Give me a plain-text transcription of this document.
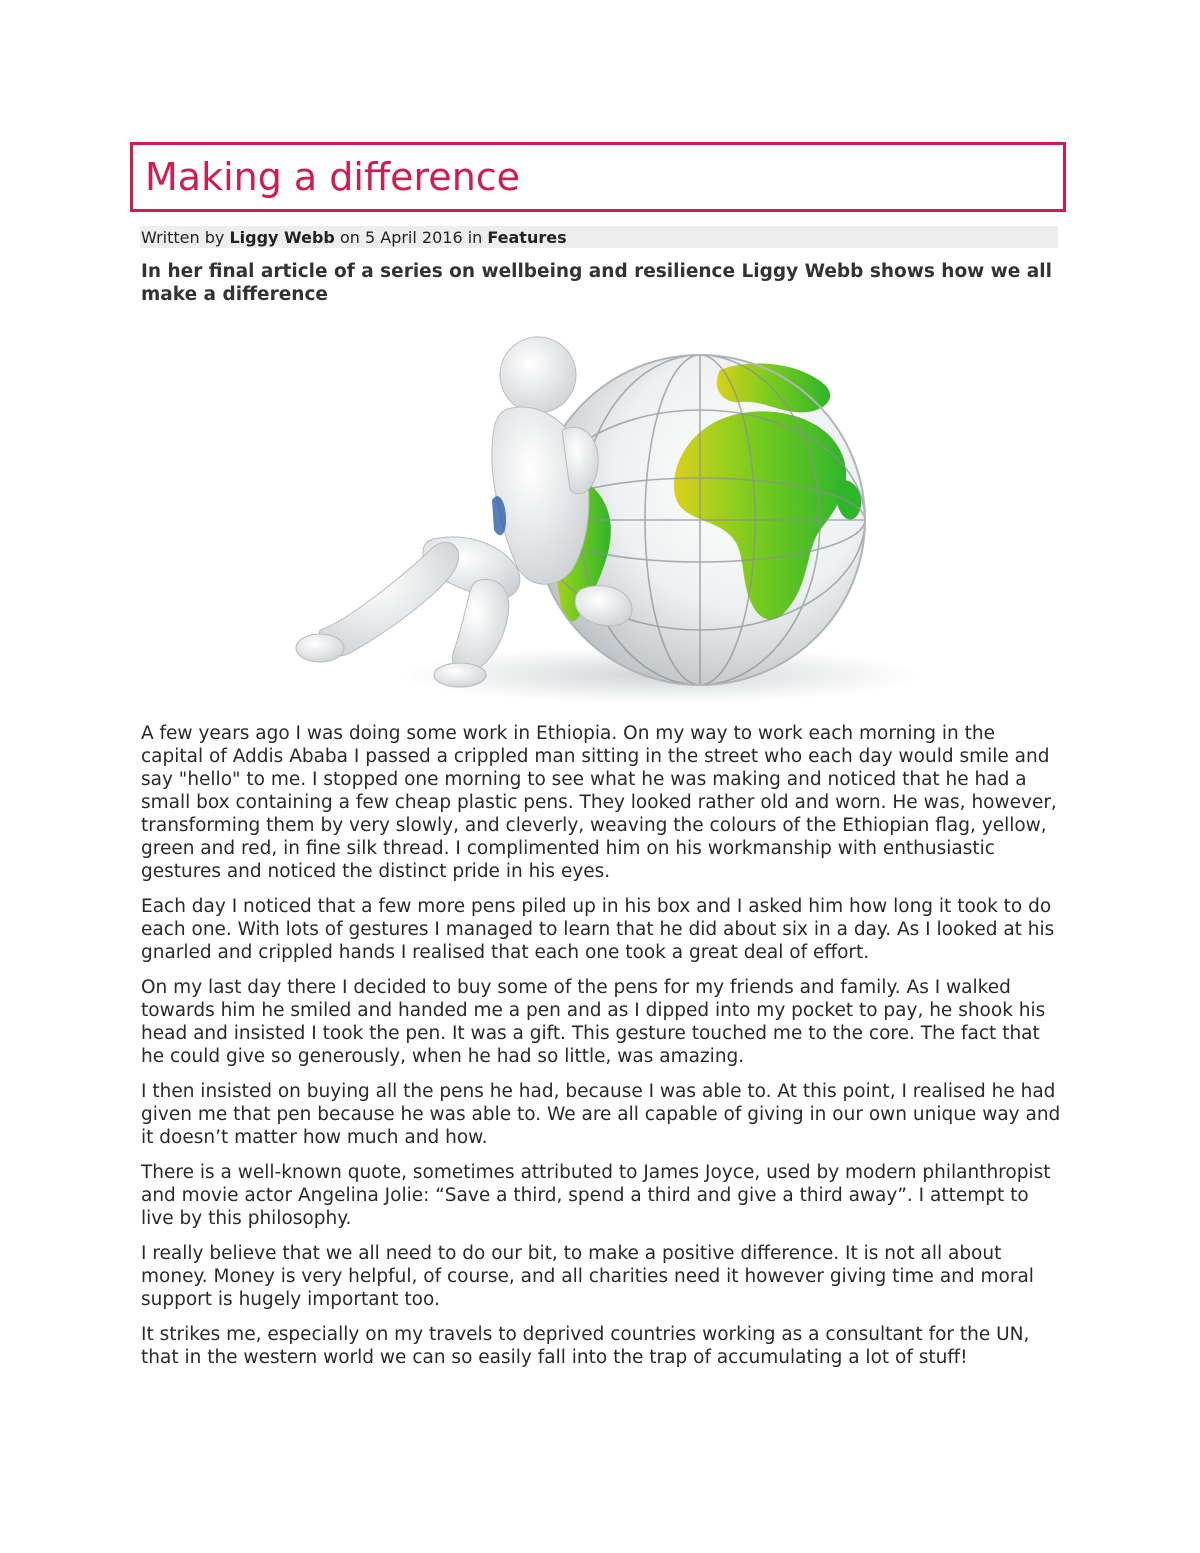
Making a difference
Written by Liggy Webb on 5 April 2016 in Features

In her final article of a series on wellbeing and resilience Liggy Webb shows how we all make a difference

A few years ago I was doing some work in Ethiopia. On my way to work each morning in the capital of Addis Ababa I passed a crippled man sitting in the street who each day would smile and say "hello" to me. I stopped one morning to see what he was making and noticed that he had a small box containing a few cheap plastic pens. They looked rather old and worn. He was, however, transforming them by very slowly, and cleverly, weaving the colours of the Ethiopian flag, yellow, green and red, in fine silk thread. I complimented him on his workmanship with enthusiastic gestures and noticed the distinct pride in his eyes.

Each day I noticed that a few more pens piled up in his box and I asked him how long it took to do each one. With lots of gestures I managed to learn that he did about six in a day. As I looked at his gnarled and crippled hands I realised that each one took a great deal of effort.

On my last day there I decided to buy some of the pens for my friends and family. As I walked towards him he smiled and handed me a pen and as I dipped into my pocket to pay, he shook his head and insisted I took the pen. It was a gift. This gesture touched me to the core. The fact that he could give so generously, when he had so little, was amazing.

I then insisted on buying all the pens he had, because I was able to. At this point, I realised he had given me that pen because he was able to. We are all capable of giving in our own unique way and it doesn’t matter how much and how.

There is a well-known quote, sometimes attributed to James Joyce, used by modern philanthropist and movie actor Angelina Jolie: “Save a third, spend a third and give a third away”. I attempt to live by this philosophy.

I really believe that we all need to do our bit, to make a positive difference. It is not all about money. Money is very helpful, of course, and all charities need it however giving time and moral support is hugely important too.

It strikes me, especially on my travels to deprived countries working as a consultant for the UN, that in the western world we can so easily fall into the trap of accumulating a lot of stuff!
